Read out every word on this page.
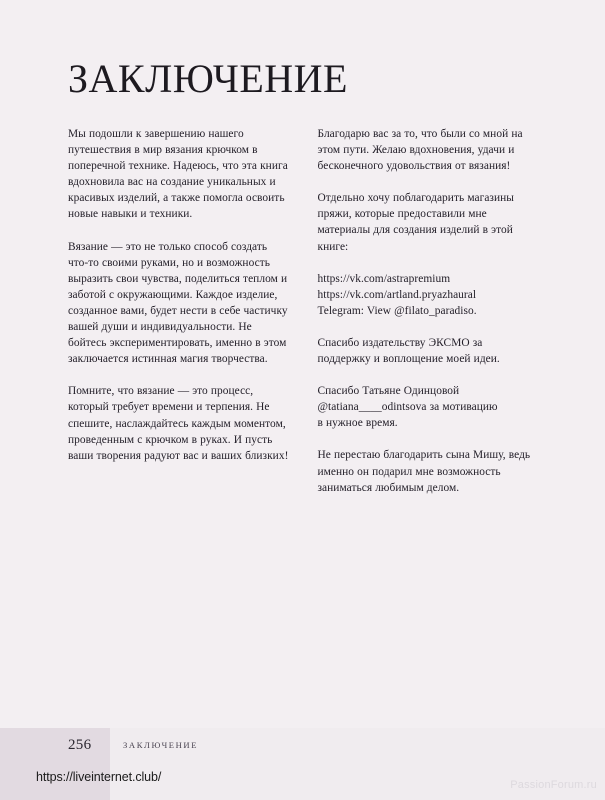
ЗАКЛЮЧЕНИЕ

Мы подошли к завершению нашего путешествия в мир вязания крючком в поперечной технике. Надеюсь, что эта книга вдохновила вас на создание уникальных и красивых изделий, а также помогла освоить новые навыки и техники.

Вязание — это не только способ создать что-то своими руками, но и возможность выразить свои чувства, поделиться теплом и заботой с окружающими. Каждое изделие, созданное вами, будет нести в себе частичку вашей души и индивидуальности. Не бойтесь экспериментировать, именно в этом заключается истинная магия творчества.

Помните, что вязание — это процесс, который требует времени и терпения. Не спешите, наслаждайтесь каждым моментом, проведенным с крючком в руках. И пусть ваши творения радуют вас и ваших близких!

Благодарю вас за то, что были со мной на этом пути. Желаю вдохновения, удачи и бесконечного удовольствия от вязания!

Отдельно хочу поблагодарить магазины пряжи, которые предоставили мне материалы для создания изделий в этой книге:

https://vk.com/astrapremium
https://vk.com/artland.pryazhaural
Telegram: View @filato_paradiso.

Спасибо издательству ЭКСМО за поддержку и воплощение моей идеи.

Спасибо Татьяне Одинцовой
@tatiana____odintsova за мотивацию
в нужное время.

Не перестаю благодарить сына Мишу, ведь именно он подарил мне возможность заниматься любимым делом.

256	ЗАКЛЮЧЕНИЕ
https://liveinternet.club/
PassionForum.ru
